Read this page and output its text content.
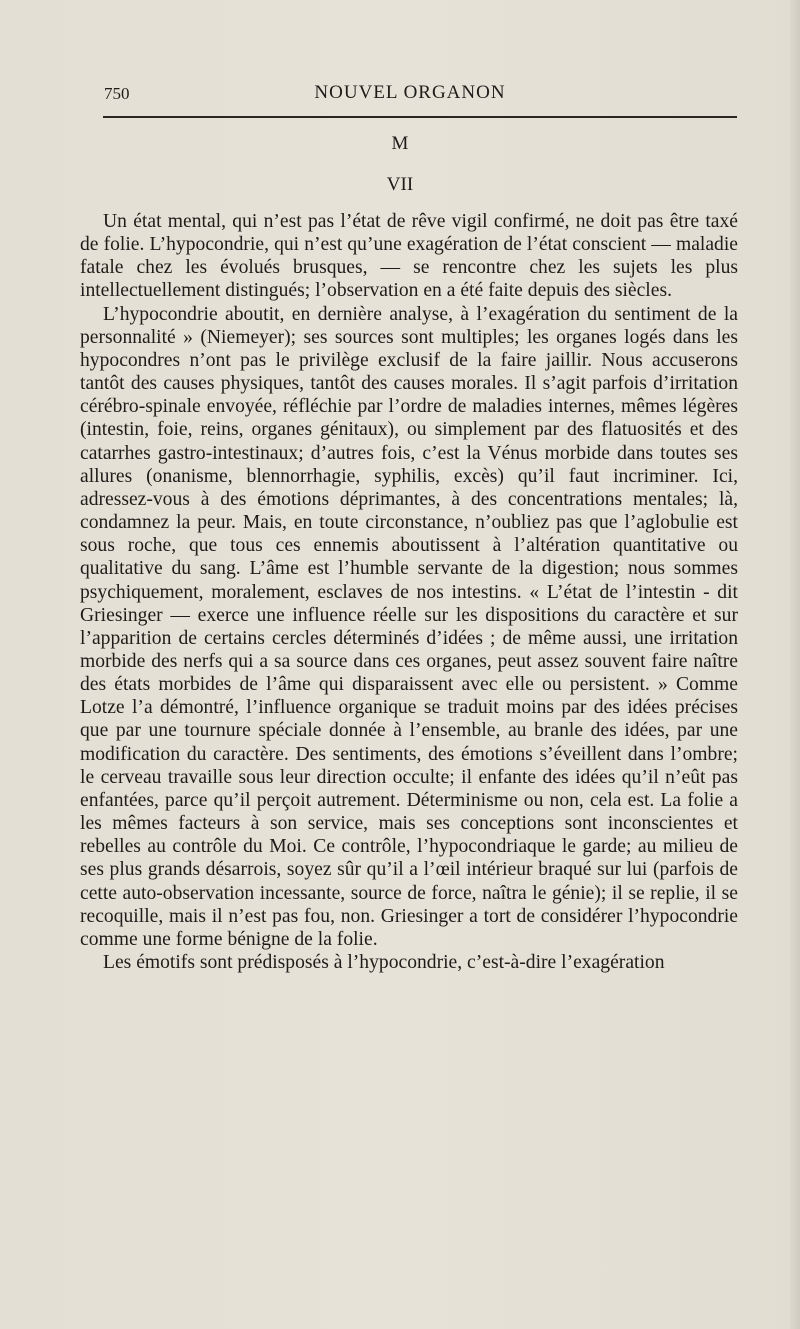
750	NOUVEL ORGANON
M
VII

Un état mental, qui n’est pas l’état de rêve vigil confirmé, ne doit pas être taxé de folie. L’hypocondrie, qui n’est qu’une exagération de l’état conscient — maladie fatale chez les évolués brusques, — se rencontre chez les sujets les plus intellectuellement distingués; l’observation en a été faite depuis des siècles.

L’hypocondrie aboutit, en dernière analyse, à l’exagération du sentiment de la personnalité » (Niemeyer); ses sources sont multiples; les organes logés dans les hypocondres n’ont pas le privilège exclusif de la faire jaillir. Nous accuserons tantôt des causes physiques, tantôt des causes morales. Il s’agit parfois d’irritation cérébro-spinale envoyée, réfléchie par l’ordre de maladies internes, mêmes légères (intestin, foie, reins, organes génitaux), ou simplement par des flatuosités et des catarrhes gastro-intestinaux; d’autres fois, c’est la Vénus morbide dans toutes ses allures (onanisme, blennorrhagie, syphilis, excès) qu’il faut incriminer. Ici, adressez-vous à des émotions déprimantes, à des concentrations mentales; là, condamnez la peur. Mais, en toute circonstance, n’oubliez pas que l’aglobulie est sous roche, que tous ces ennemis aboutissent à l’altération quantitative ou qualitative du sang. L’âme est l’humble servante de la digestion; nous sommes psychiquement, moralement, esclaves de nos intestins. « L’état de l’intestin - dit Griesinger — exerce une influence réelle sur les dispositions du caractère et sur l’apparition de certains cercles déterminés d’idées ; de même aussi, une irritation morbide des nerfs qui a sa source dans ces organes, peut assez souvent faire naître des états morbides de l’âme qui disparaissent avec elle ou persistent. » Comme Lotze l’a démontré, l’influence organique se traduit moins par des idées précises que par une tournure spéciale donnée à l’ensemble, au branle des idées, par une modification du caractère. Des sentiments, des émotions s’éveillent dans l’ombre; le cerveau travaille sous leur direction occulte; il enfante des idées qu’il n’eût pas enfantées, parce qu’il perçoit autrement. Déterminisme ou non, cela est. La folie a les mêmes facteurs à son service, mais ses conceptions sont inconscientes et rebelles au contrôle du Moi. Ce contrôle, l’hypocondriaque le garde; au milieu de ses plus grands désarrois, soyez sûr qu’il a l’œil intérieur braqué sur lui (parfois de cette auto-observation incessante, source de force, naîtra le génie); il se replie, il se recoquille, mais il n’est pas fou, non. Griesinger a tort de considérer l’hypocondrie comme une forme bénigne de la folie.

Les émotifs sont prédisposés à l’hypocondrie, c’est-à-dire l’exagération
